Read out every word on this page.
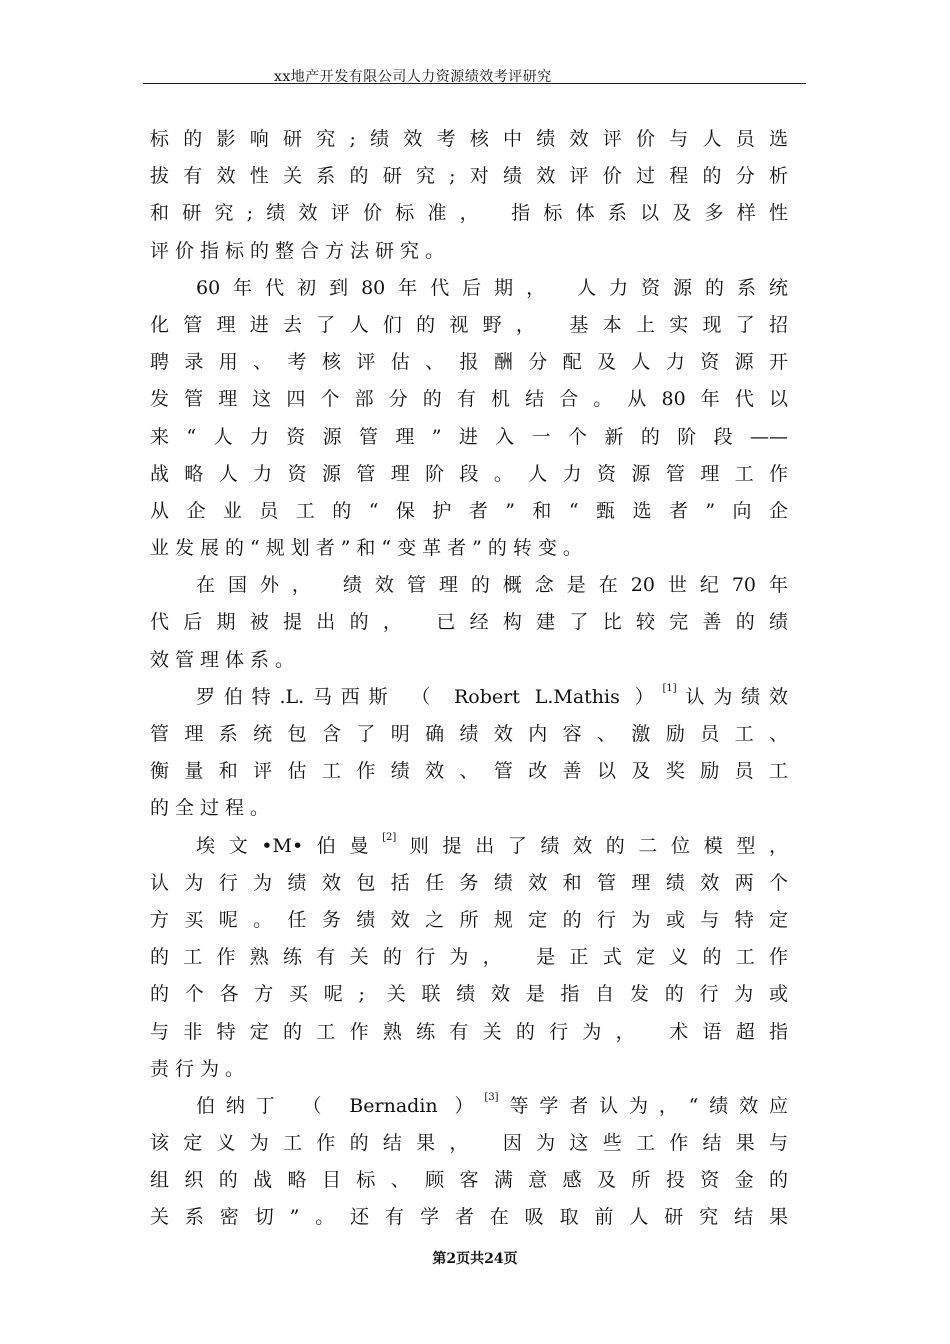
xx地产开发有限公司人力资源绩效考评研究
标的影响研究;绩效考核中绩效评价与人员选
拔有效性关系的研究;对绩效评价过程的分析
和研究;绩效评价标准， 指标体系以及多样性
评价指标的整合方法研究。
60年代初到80年代后期， 人力资源的系统
化管理进去了人们的视野， 基本上实现了招
聘录用、考核评估、报酬分配及人力资源开
发管理这四个部分的有机结合。从80年代以
来“人力资源管理”进入一个新的阶段——
战略人力资源管理阶段。人力资源管理工作
从企业员工的“保护者”和“甄选者”向企
业发展的“规划者”和“变革者”的转变。
在国外， 绩效管理的概念是在20世纪70年
代后期被提出的， 已经构建了比较完善的绩
效管理体系。
罗伯特.L.马西斯 （ Robert L.Mathis ）[1]认为绩效
管理系统包含了明确绩效内容、激励员工、
衡量和评估工作绩效、管改善以及奖励员工
的全过程。
埃文•M•伯曼[2]则提出了绩效的二位模型，
认为行为绩效包括任务绩效和管理绩效两个
方买呢。任务绩效之所规定的行为或与特定
的工作熟练有关的行为， 是正式定义的工作
的个各方买呢; 关联绩效是指自发的行为或
与非特定的工作熟练有关的行为， 术语超指
责行为。
伯纳丁 （ Bernadin ）[3]等学者认为，“绩效应
该定义为工作的结果， 因为这些工作结果与
组织的战略目标、顾客满意感及所投资金的
关系密切”。还有学者在吸取前人研究结果
第2页共24页
